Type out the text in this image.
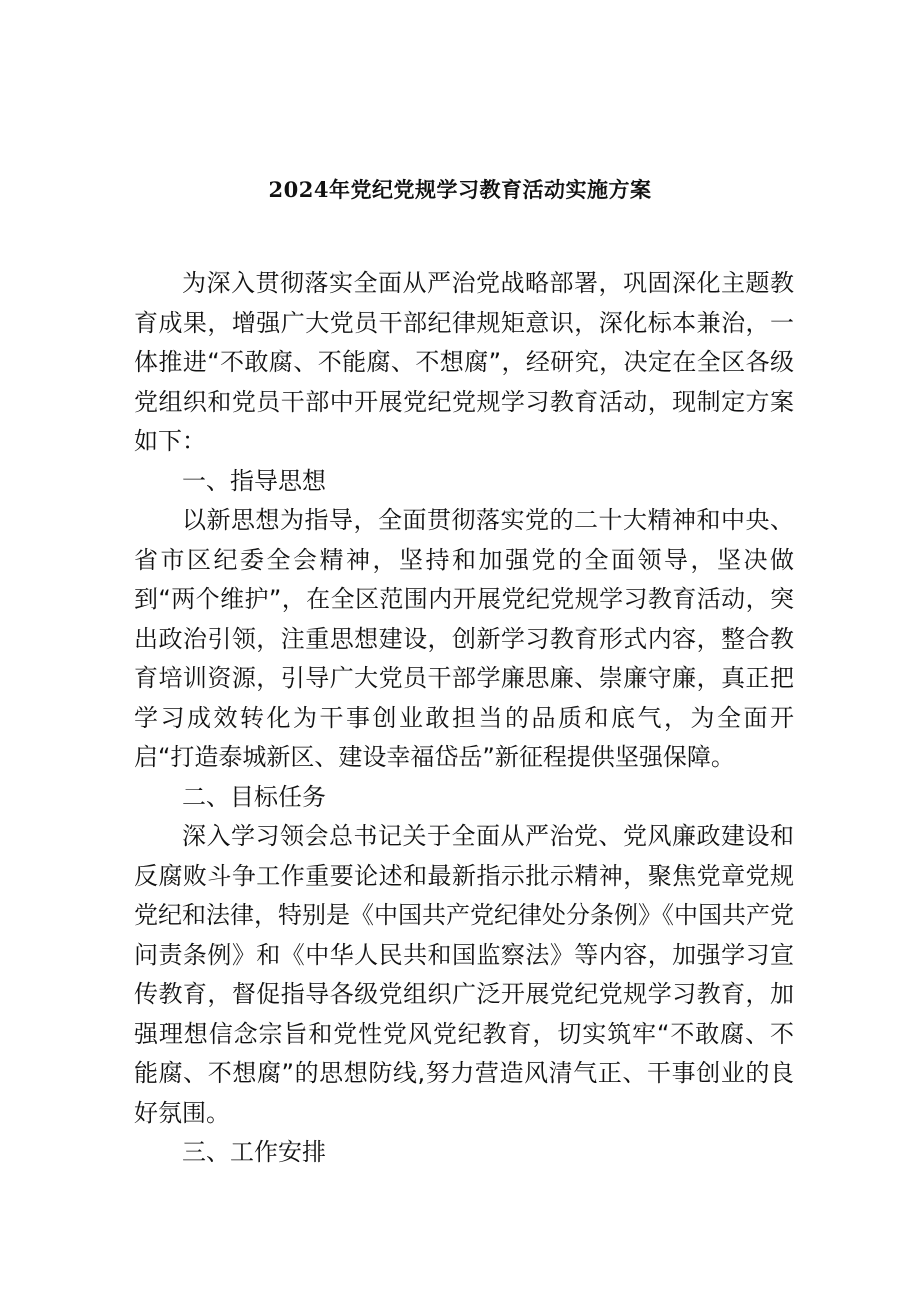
2024年党纪党规学习教育活动实施方案

为深入贯彻落实全面从严治党战略部署，巩固深化主题教育成果，增强广大党员干部纪律规矩意识，深化标本兼治，一体推进“不敢腐、不能腐、不想腐”，经研究，决定在全区各级党组织和党员干部中开展党纪党规学习教育活动，现制定方案如下：

一、指导思想

以新思想为指导，全面贯彻落实党的二十大精神和中央、省市区纪委全会精神，坚持和加强党的全面领导，坚决做到“两个维护”，在全区范围内开展党纪党规学习教育活动，突出政治引领，注重思想建设，创新学习教育形式内容，整合教育培训资源，引导广大党员干部学廉思廉、崇廉守廉，真正把学习成效转化为干事创业敢担当的品质和底气，为全面开启“打造泰城新区、建设幸福岱岳”新征程提供坚强保障。

二、目标任务

深入学习领会总书记关于全面从严治党、党风廉政建设和反腐败斗争工作重要论述和最新指示批示精神，聚焦党章党规党纪和法律，特别是《中国共产党纪律处分条例》《中国共产党问责条例》和《中华人民共和国监察法》等内容，加强学习宣传教育，督促指导各级党组织广泛开展党纪党规学习教育，加强理想信念宗旨和党性党风党纪教育，切实筑牢“不敢腐、不能腐、不想腐”的思想防线,努力营造风清气正、干事创业的良好氛围。

三、工作安排
